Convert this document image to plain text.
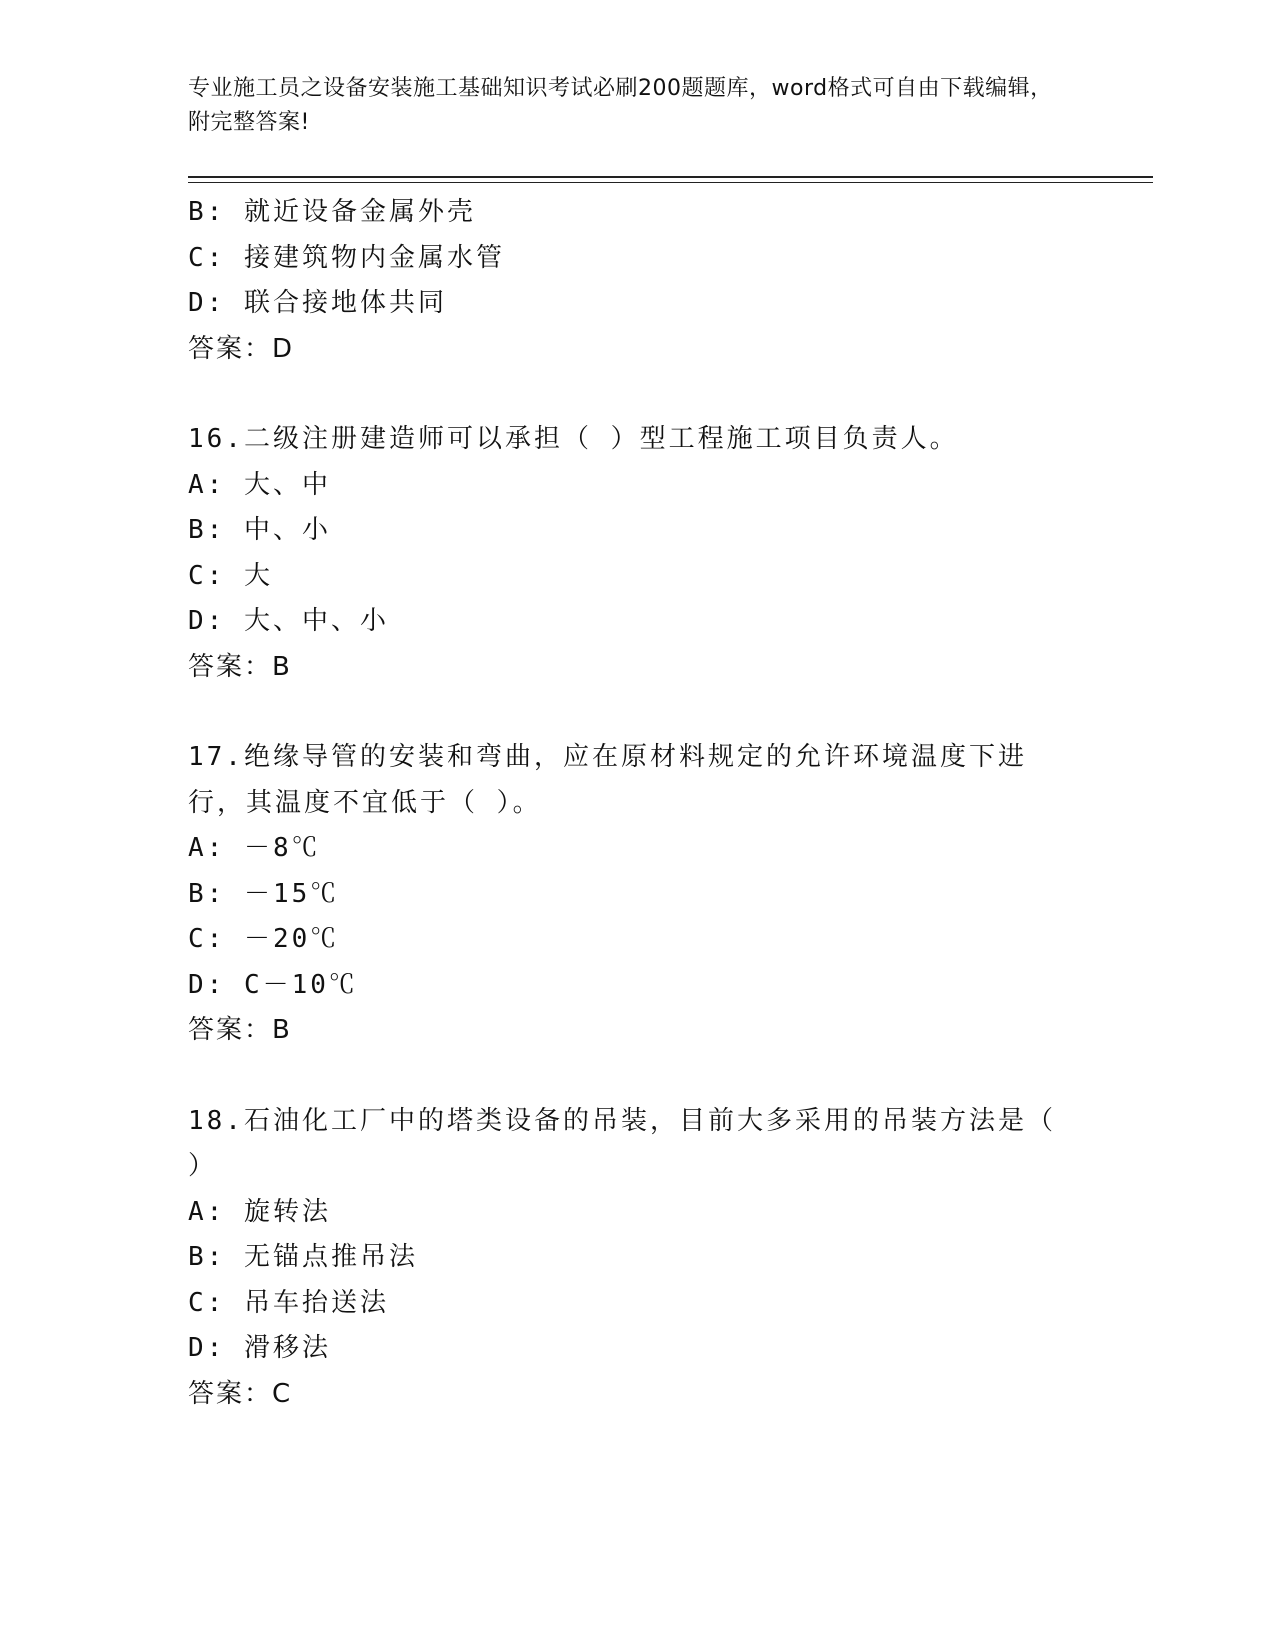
专业施工员之设备安装施工基础知识考试必刷200题题库，word格式可自由下载编辑，附完整答案!
B: 就近设备金属外壳
C: 接建筑物内金属水管
D: 联合接地体共同
答案：D
16.二级注册建造师可以承担（ ）型工程施工项目负责人。
A: 大、中
B: 中、小
C: 大
D: 大、中、小
答案：B
17.绝缘导管的安装和弯曲，应在原材料规定的允许环境温度下进行，其温度不宜低于（ ）。
A: －8℃
B: －15℃
C: －20℃
D: C－10℃
答案：B
18.石油化工厂中的塔类设备的吊装，目前大多采用的吊装方法是（ ）
A: 旋转法
B: 无锚点推吊法
C: 吊车抬送法
D: 滑移法
答案：C
